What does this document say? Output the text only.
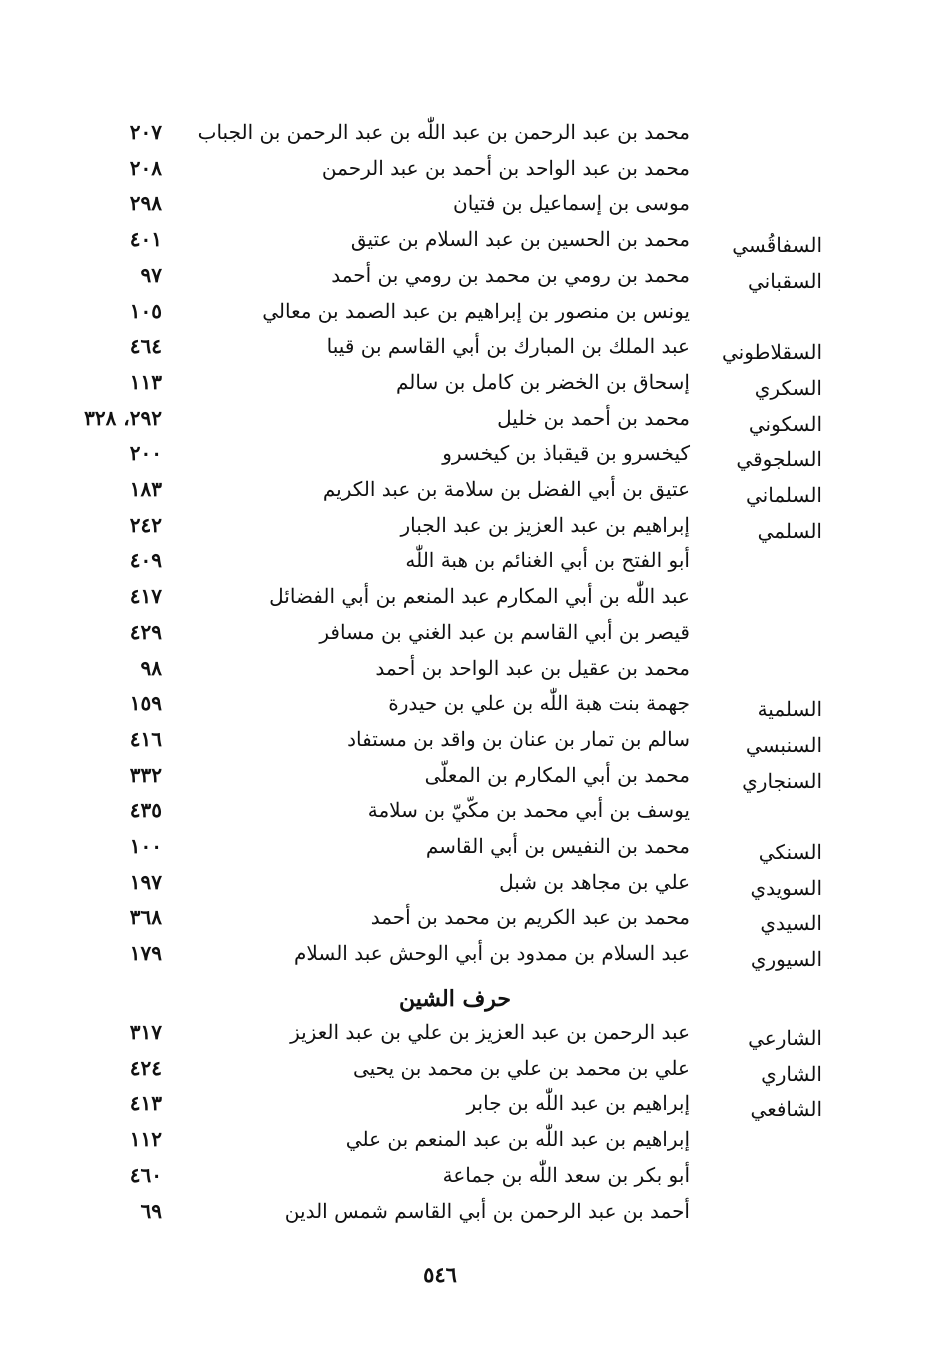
محمد بن عبد الرحمن بن عبد اللّٰه بن عبد الرحمن بن الجباب
٢٠٧
محمد بن عبد الواحد بن أحمد بن عبد الرحمن
٢٠٨
موسى بن إسماعيل بن فتيان
٢٩٨
السفاقُسي
محمد بن الحسين بن عبد السلام بن عتيق
٤٠١
السقباني
محمد بن رومي بن محمد بن رومي بن أحمد
٩٧
يونس بن منصور بن إبراهيم بن عبد الصمد بن معالي
١٠٥
السقلاطوني
عبد الملك بن المبارك بن أبي القاسم بن قيبا
٤٦٤
السكري
إسحاق بن الخضر بن كامل بن سالم
١١٣
السكوني
محمد بن أحمد بن خليل
٢٩٢، ٣٢٨
السلجوقي
كيخسرو بن قيقباذ بن كيخسرو
٢٠٠
السلماني
عتيق بن أبي الفضل بن سلامة بن عبد الكريم
١٨٣
السلمي
إبراهيم بن عبد العزيز بن عبد الجبار
٢٤٢
أبو الفتح بن أبي الغنائم بن هبة اللّٰه
٤٠٩
عبد اللّٰه بن أبي المكارم عبد المنعم بن أبي الفضائل
٤١٧
قيصر بن أبي القاسم بن عبد الغني بن مسافر
٤٢٩
محمد بن عقيل بن عبد الواحد بن أحمد
٩٨
السلمية
جهمة بنت هبة اللّٰه بن علي بن حيدرة
١٥٩
السنبسي
سالم بن تمار بن عنان بن واقد بن مستفاد
٤١٦
السنجاري
محمد بن أبي المكارم بن المعلّى
٣٣٢
يوسف بن أبي محمد بن مكّيّ بن سلامة
٤٣٥
السنكي
محمد بن النفيس بن أبي القاسم
١٠٠
السويدي
علي بن مجاهد بن شبل
١٩٧
السيدي
محمد بن عبد الكريم بن محمد بن أحمد
٣٦٨
السيوري
عبد السلام بن ممدود بن أبي الوحش عبد السلام
١٧٩
حرف الشين
الشارعي
عبد الرحمن بن عبد العزيز بن علي بن عبد العزيز
٣١٧
الشاري
علي بن محمد بن علي بن محمد بن يحيى
٤٢٤
الشافعي
إبراهيم بن عبد اللّٰه بن جابر
٤١٣
إبراهيم بن عبد اللّٰه بن عبد المنعم بن علي
١١٢
أبو بكر بن سعد اللّٰه بن جماعة
٤٦٠
أحمد بن عبد الرحمن بن أبي القاسم شمس الدين
٦٩
٥٤٦
